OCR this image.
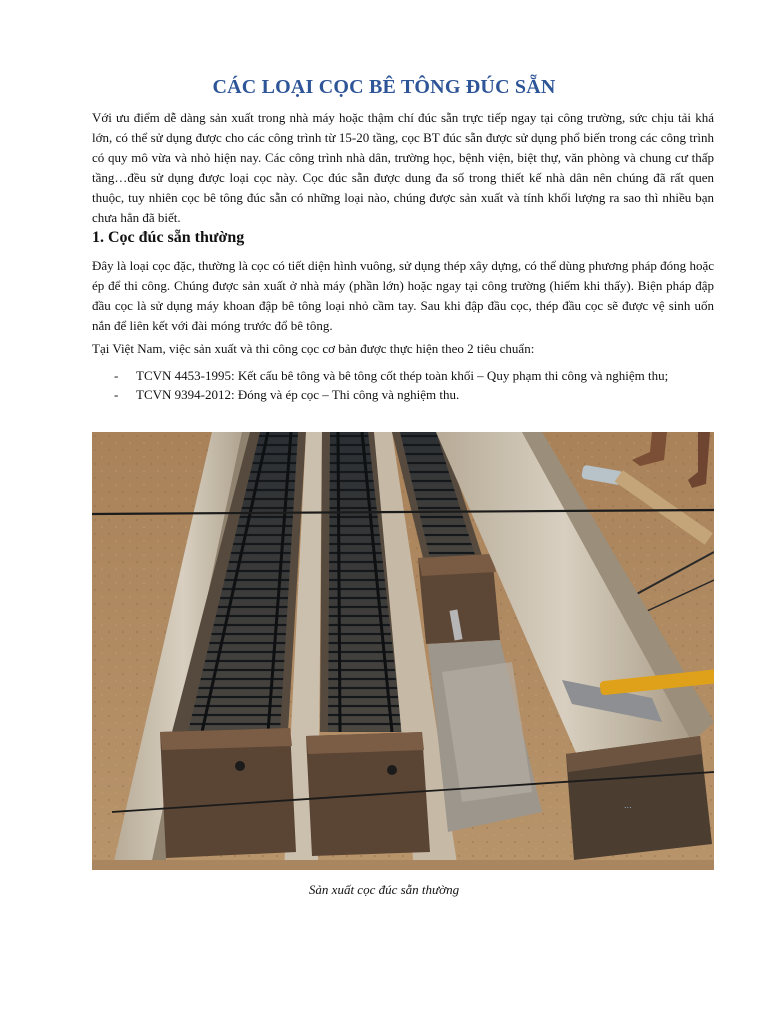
CÁC LOẠI CỌC BÊ TÔNG ĐÚC SẴN

Với ưu điểm dễ dàng sản xuất trong nhà máy hoặc thậm chí đúc sẵn trực tiếp ngay tại công trường, sức chịu tải khá lớn, có thể sử dụng được cho các công trình từ 15-20 tầng, cọc BT đúc sẵn được sử dụng phổ biến trong các công trình có quy mô vừa và nhỏ hiện nay. Các công trình nhà dân, trường học, bệnh viện, biệt thự, văn phòng và chung cư thấp tầng…đều sử dụng được loại cọc này. Cọc đúc sẵn được dung đa số trong thiết kế nhà dân nên chúng đã rất quen thuộc, tuy nhiên cọc bê tông đúc sẵn có những loại nào, chúng được sản xuất và tính khối lượng ra sao thì nhiều bạn chưa hẳn đã biết.

1. Cọc đúc sẵn thường

Đây là loại cọc đặc, thường là cọc có tiết diện hình vuông, sử dụng thép xây dựng, có thể dùng phương pháp đóng hoặc ép để thi công. Chúng được sản xuất ở nhà máy (phần lớn) hoặc ngay tại công trường (hiếm khi thấy). Biện pháp đập đầu cọc là sử dụng máy khoan đập bê tông loại nhỏ cầm tay. Sau khi đập đầu cọc, thép đầu cọc sẽ được vệ sinh uốn nắn để liên kết với đài móng trước đổ bê tông.

Tại Việt Nam, việc sản xuất và thi công cọc cơ bản được thực hiện theo 2 tiêu chuẩn:

- TCVN 4453-1995: Kết cấu bê tông và bê tông cốt thép toàn khối – Quy phạm thi công và nghiệm thu;
- TCVN 9394-2012: Đóng và ép cọc – Thi công và nghiệm thu.
...
Sản xuất cọc đúc sẵn thường
